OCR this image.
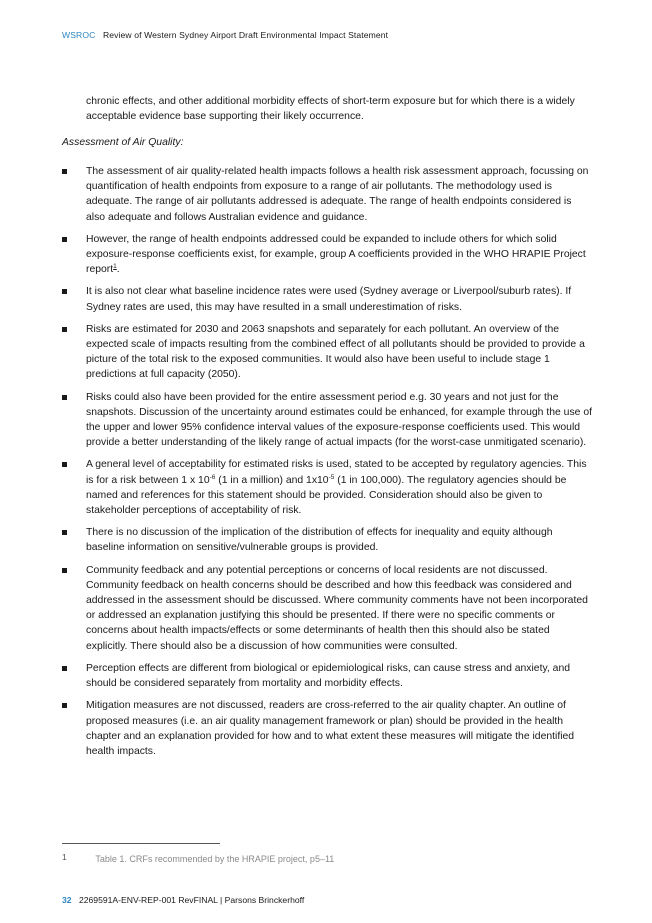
WSROC Review of Western Sydney Airport Draft Environmental Impact Statement

chronic effects, and other additional morbidity effects of short-term exposure but for which there is a widely acceptable evidence base supporting their likely occurrence.

Assessment of Air Quality:

The assessment of air quality-related health impacts follows a health risk assessment approach, focussing on quantification of health endpoints from exposure to a range of air pollutants. The methodology used is adequate. The range of air pollutants addressed is adequate. The range of health endpoints considered is also adequate and follows Australian evidence and guidance.
However, the range of health endpoints addressed could be expanded to include others for which solid exposure-response coefficients exist, for example, group A coefficients provided in the WHO HRAPIE Project report$^1$.
It is also not clear what baseline incidence rates were used (Sydney average or Liverpool/suburb rates). If Sydney rates are used, this may have resulted in a small underestimation of risks.
Risks are estimated for 2030 and 2063 snapshots and separately for each pollutant. An overview of the expected scale of impacts resulting from the combined effect of all pollutants should be provided to provide a picture of the total risk to the exposed communities. It would also have been useful to include stage 1 predictions at full capacity (2050).
Risks could also have been provided for the entire assessment period e.g. 30 years and not just for the snapshots. Discussion of the uncertainty around estimates could be enhanced, for example through the use of the upper and lower 95% confidence interval values of the exposure-response coefficients used. This would provide a better understanding of the likely range of actual impacts (for the worst-case unmitigated scenario).
A general level of acceptability for estimated risks is used, stated to be accepted by regulatory agencies. This is for a risk between 1 x $10^{-6}$ (1 in a million) and $1x10^{-5}$ (1 in 100,000). The regulatory agencies should be named and references for this statement should be provided. Consideration should also be given to stakeholder perceptions of acceptability of risk.
There is no discussion of the implication of the distribution of effects for inequality and equity although baseline information on sensitive/vulnerable groups is provided.
Community feedback and any potential perceptions or concerns of local residents are not discussed. Community feedback on health concerns should be described and how this feedback was considered and addressed in the assessment should be discussed. Where community comments have not been incorporated or addressed an explanation justifying this should be presented. If there were no specific comments or concerns about health impacts/effects or some determinants of health then this should also be stated explicitly. There should also be a discussion of how communities were consulted.
Perception effects are different from biological or epidemiological risks, can cause stress and anxiety, and should be considered separately from mortality and morbidity effects.
Mitigation measures are not discussed, readers are cross-referred to the air quality chapter. An outline of proposed measures (i.e. an air quality management framework or plan) should be provided in the health chapter and an explanation provided for how and to what extent these measures will mitigate the identified health impacts.
1	Table 1. CRFs recommended by the HRAPIE project, p5–11
32 2269591A-ENV-REP-001 RevFINAL | Parsons Brinckerhoff
